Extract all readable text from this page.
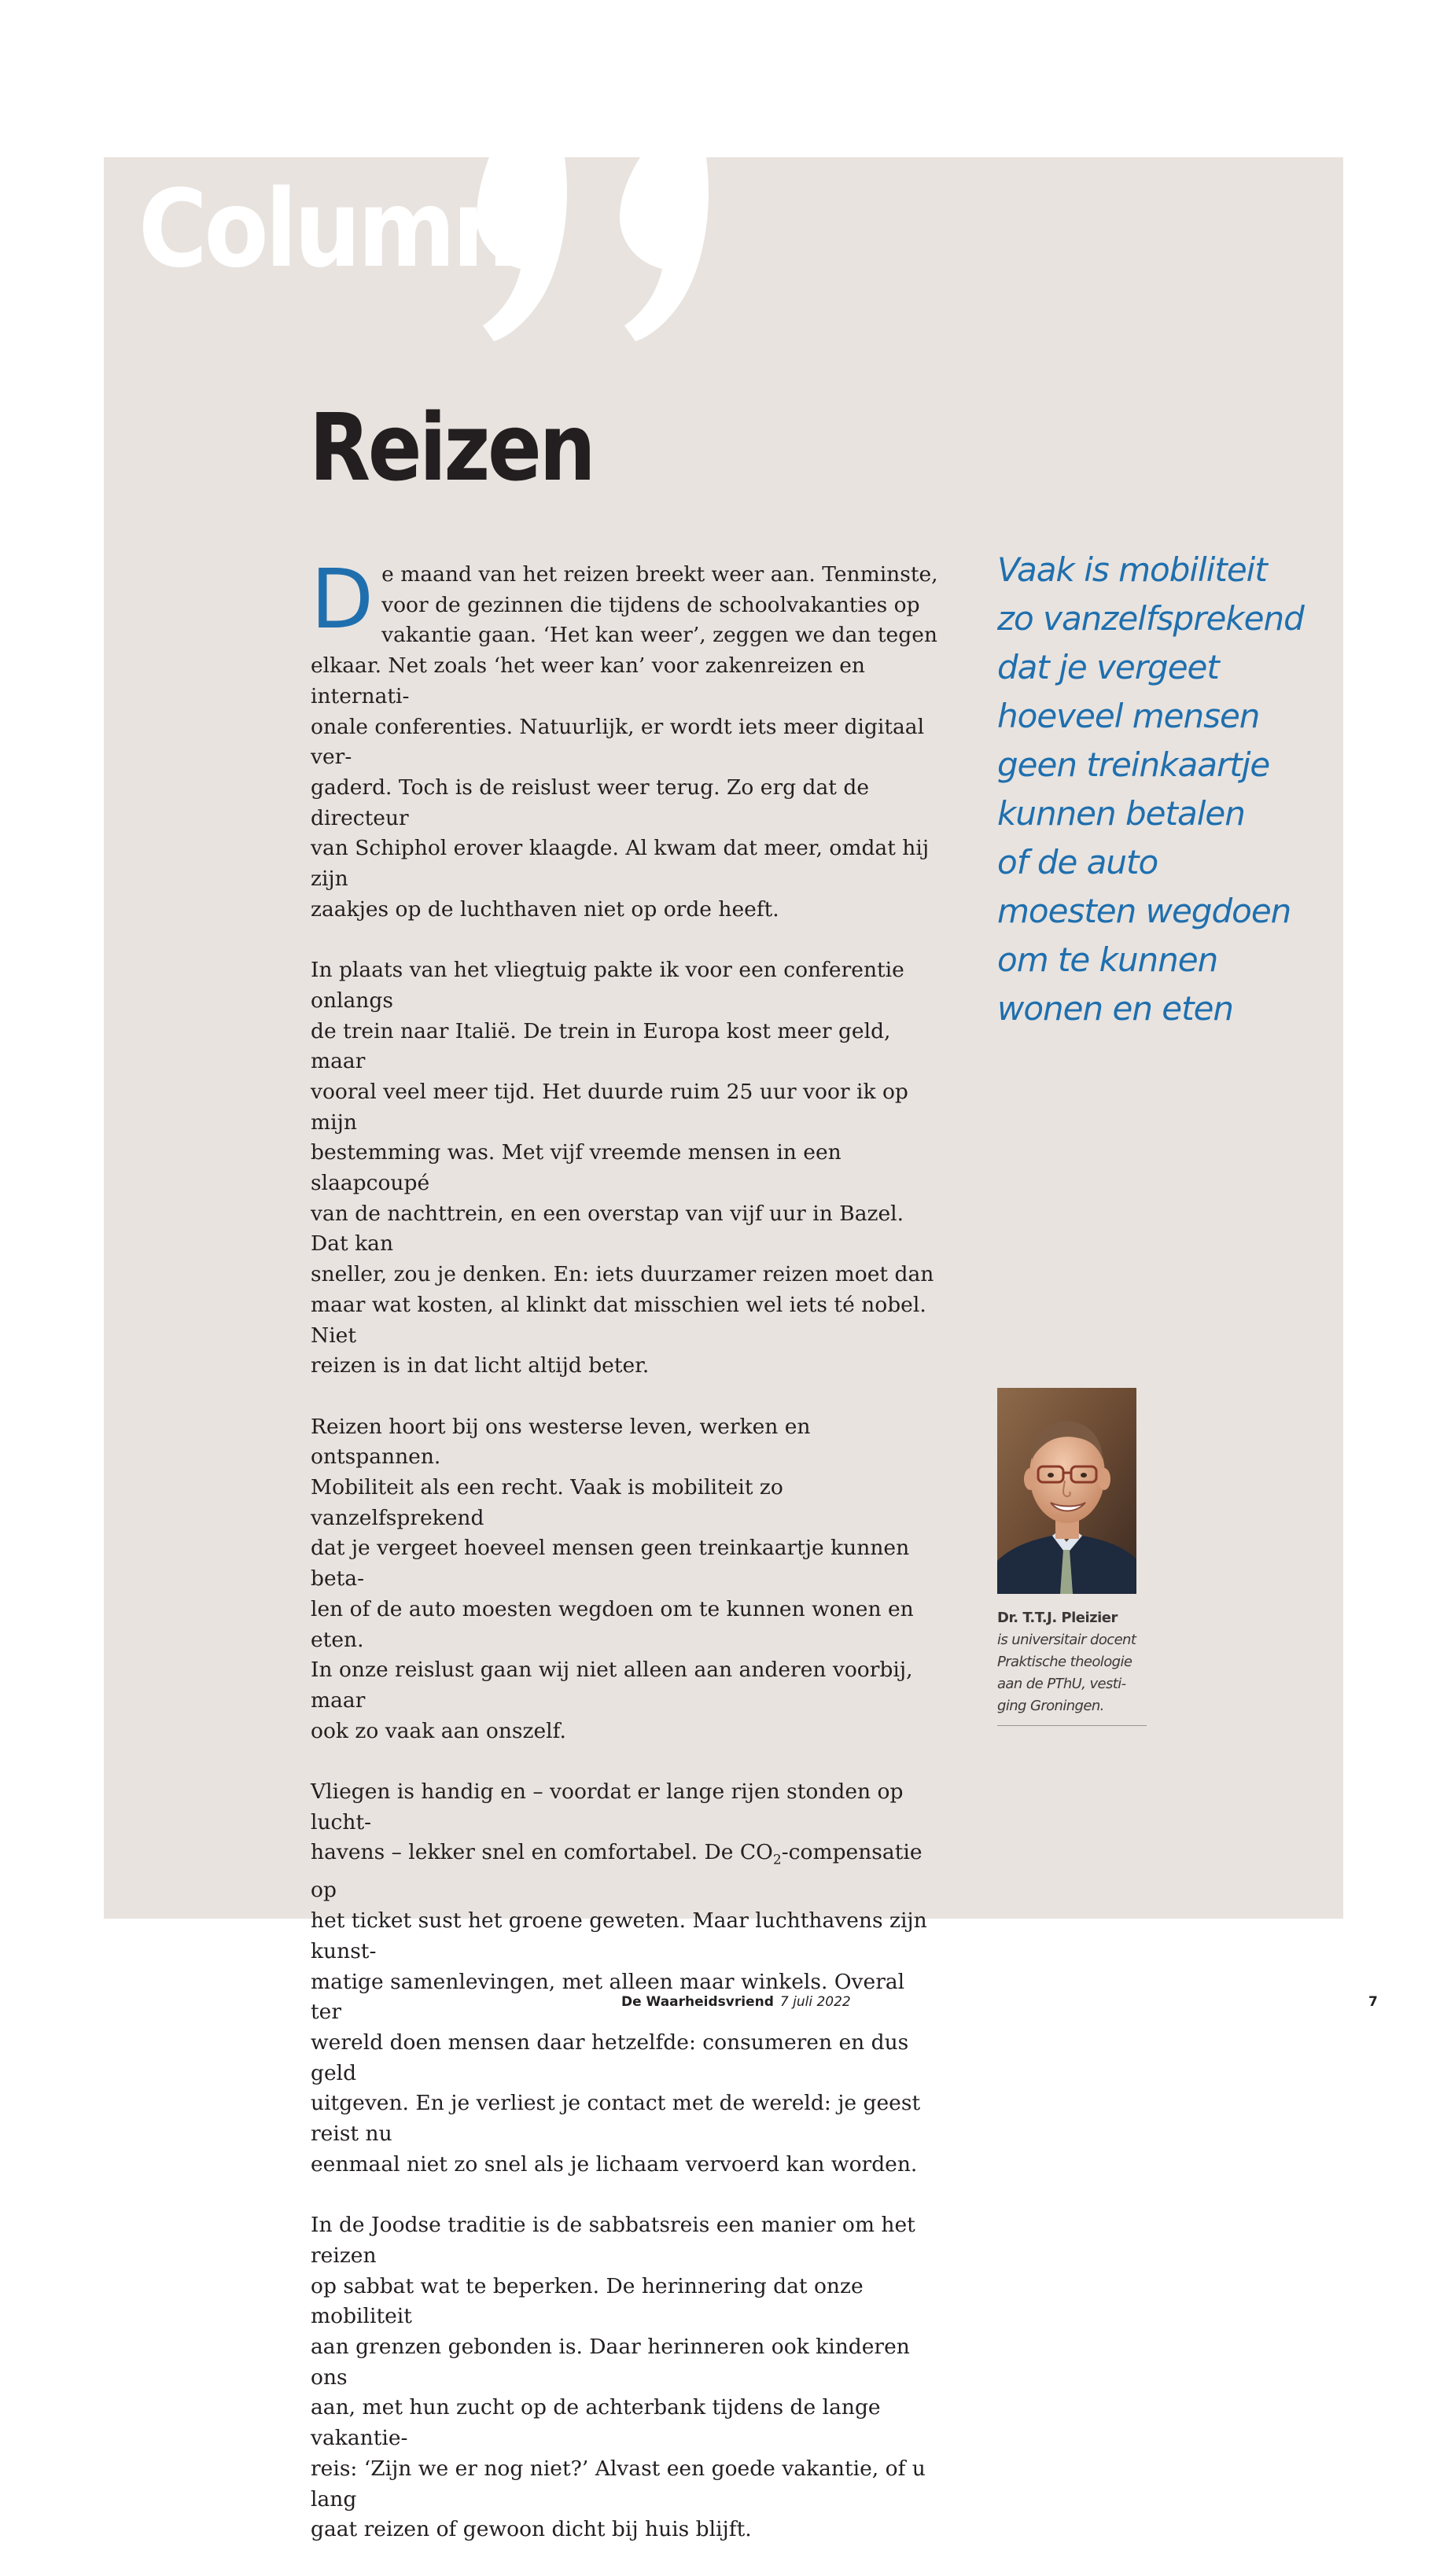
Column
Reizen

De maand van het reizen breekt weer aan. Tenminste,
voor de gezinnen die tijdens de schoolvakanties op
vakantie gaan. ‘Het kan weer’, zeggen we dan tegen
elkaar. Net zoals ‘het weer kan’ voor zakenreizen en internati-
onale conferenties. Natuurlijk, er wordt iets meer digitaal ver-
gaderd. Toch is de reislust weer terug. Zo erg dat de directeur
van Schiphol erover klaagde. Al kwam dat meer, omdat hij zijn
zaakjes op de luchthaven niet op orde heeft.

In plaats van het vliegtuig pakte ik voor een conferentie onlangs
de trein naar Italië. De trein in Europa kost meer geld, maar
vooral veel meer tijd. Het duurde ruim 25 uur voor ik op mijn
bestemming was. Met vijf vreemde mensen in een slaapcoupé
van de nachttrein, en een overstap van vijf uur in Bazel. Dat kan
sneller, zou je denken. En: iets duurzamer reizen moet dan
maar wat kosten, al klinkt dat misschien wel iets té nobel. Niet
reizen is in dat licht altijd beter.

Reizen hoort bij ons westerse leven, werken en ontspannen.
Mobiliteit als een recht. Vaak is mobiliteit zo vanzelfsprekend
dat je vergeet hoeveel mensen geen treinkaartje kunnen beta-
len of de auto moesten wegdoen om te kunnen wonen en eten.
In onze reislust gaan wij niet alleen aan anderen voorbij, maar
ook zo vaak aan onszelf.

Vliegen is handig en – voordat er lange rijen stonden op lucht-
havens – lekker snel en comfortabel. De $CO_2$-compensatie op
het ticket sust het groene geweten. Maar luchthavens zijn kunst-
matige samenlevingen, met alleen maar winkels. Overal ter
wereld doen mensen daar hetzelfde: consumeren en dus geld
uitgeven. En je verliest je contact met de wereld: je geest reist nu
eenmaal niet zo snel als je lichaam vervoerd kan worden.

In de Joodse traditie is de sabbatsreis een manier om het reizen
op sabbat wat te beperken. De herinnering dat onze mobiliteit
aan grenzen gebonden is. Daar herinneren ook kinderen ons
aan, met hun zucht op de achterbank tijdens de lange vakantie-
reis: ‘Zijn we er nog niet?’ Alvast een goede vakantie, of u lang
gaat reizen of gewoon dicht bij huis blijft.

Vaak is mobiliteit
zo vanzelfsprekend
dat je vergeet
hoeveel mensen
geen treinkaartje
kunnen betalen
of de auto
moesten wegdoen
om te kunnen
wonen en eten

Dr. T.T.J. Pleizier
is universitair docent
Praktische theologie
aan de PThU, vesti-
ging Groningen.
De Waarheidsvriend 7 juli 2022	7
